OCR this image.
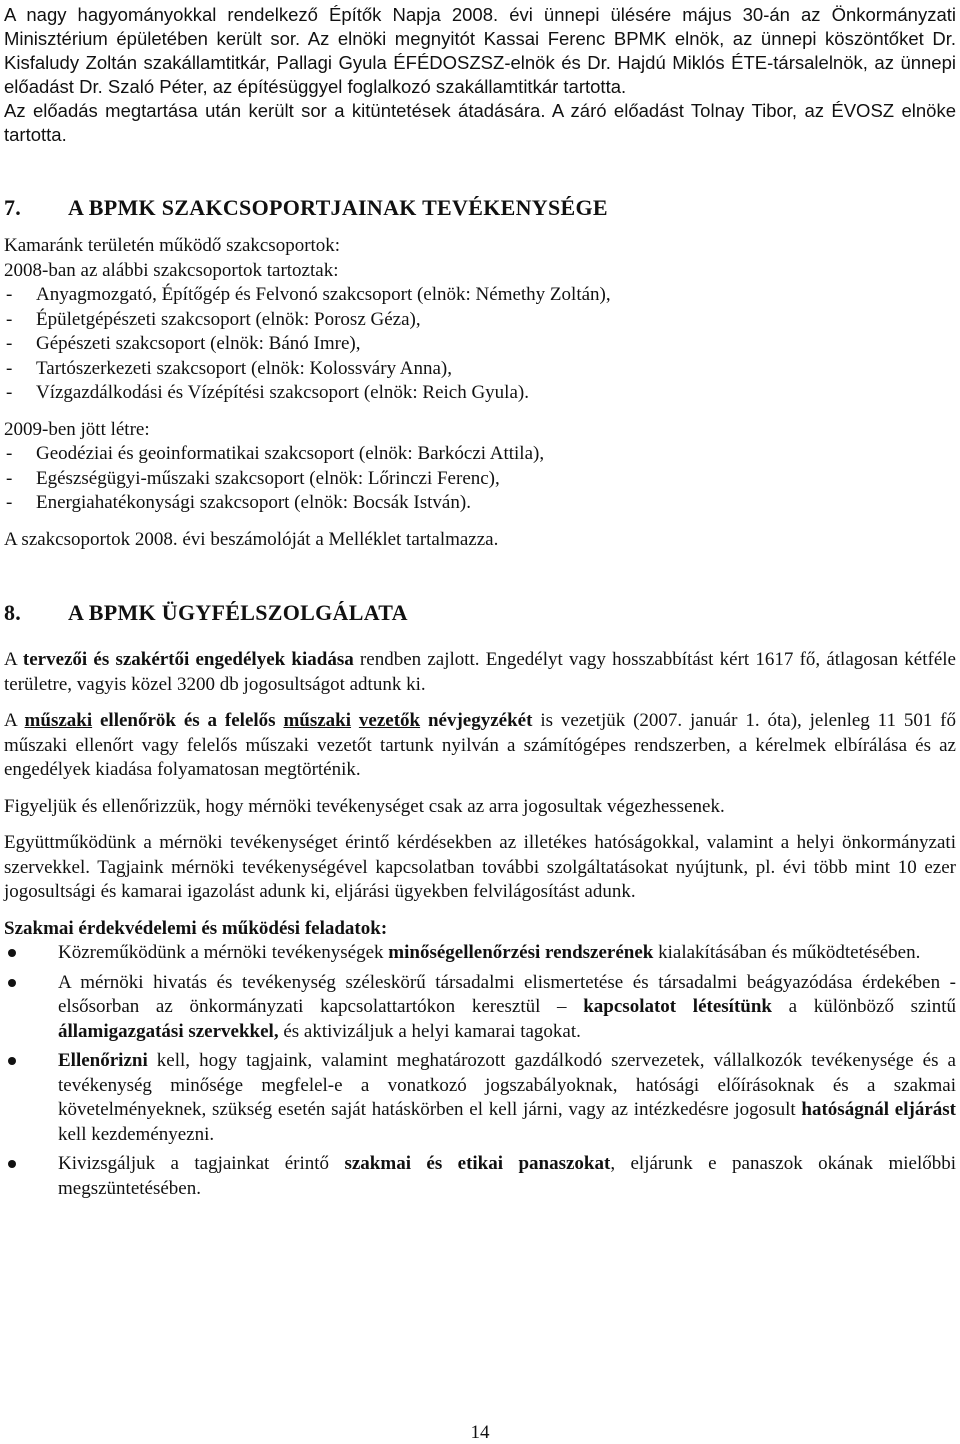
A nagy hagyományokkal rendelkező Építők Napja 2008. évi ünnepi ülésére május 30-án az Önkormányzati Minisztérium épületében került sor. Az elnöki megnyitót Kassai Ferenc BPMK elnök, az ünnepi köszöntőket Dr. Kisfaludy Zoltán szakállamtitkár, Pallagi Gyula ÉFÉDOSZSZ-elnök és Dr. Hajdú Miklós ÉTE-társalelnök, az ünnepi előadást Dr. Szaló Péter, az építésüggyel foglalkozó szakállamtitkár tartotta.

Az előadás megtartása után került sor a kitüntetések átadására. A záró előadást Tolnay Tibor, az ÉVOSZ elnöke tartotta.

7. A BPMK SZAKCSOPORTJAINAK TEVÉKENYSÉGE

Kamaránk területén működő szakcsoportok:

2008-ban az alábbi szakcsoportok tartoztak:

-	Anyagmozgató, Építőgép és Felvonó szakcsoport (elnök: Némethy Zoltán),
-	Épületgépészeti szakcsoport (elnök: Porosz Géza),
-	Gépészeti szakcsoport (elnök: Bánó Imre),
-	Tartószerkezeti szakcsoport (elnök: Kolossváry Anna),
-	Vízgazdálkodási és Vízépítési szakcsoport (elnök: Reich Gyula).

2009-ben jött létre:

-	Geodéziai és geoinformatikai szakcsoport (elnök: Barkóczi Attila),
-	Egészségügyi-műszaki szakcsoport (elnök: Lőrinczi Ferenc),
-	Energiahatékonysági szakcsoport (elnök: Bocsák István).

A szakcsoportok 2008. évi beszámolóját a Melléklet tartalmazza.

8. A BPMK ÜGYFÉLSZOLGÁLATA

A tervezői és szakértői engedélyek kiadása rendben zajlott. Engedélyt vagy hosszabbítást kért 1617 fő, átlagosan kétféle területre, vagyis közel 3200 db jogosultságot adtunk ki.

A műszaki ellenőrök és a felelős műszaki vezetők névjegyzékét is vezetjük (2007. január 1. óta), jelenleg 11 501 fő műszaki ellenőrt vagy felelős műszaki vezetőt tartunk nyilván a számítógépes rendszerben, a kérelmek elbírálása és az engedélyek kiadása folyamatosan megtörténik.

Figyeljük és ellenőrizzük, hogy mérnöki tevékenységet csak az arra jogosultak végezhessenek.

Együttműködünk a mérnöki tevékenységet érintő kérdésekben az illetékes hatóságokkal, valamint a helyi önkormányzati szervekkel. Tagjaink mérnöki tevékenységével kapcsolatban további szolgáltatásokat nyújtunk, pl. évi több mint 10 ezer jogosultsági és kamarai igazolást adunk ki, eljárási ügyekben felvilágosítást adunk.

Szakmai érdekvédelemi és működési feladatok:

Közreműködünk a mérnöki tevékenységek minőségellenőrzési rendszerének kialakításában és működtetésében.
A mérnöki hivatás és tevékenység széleskörű társadalmi elismertetése és társadalmi beágyazódása érdekében - elsősorban az önkormányzati kapcsolattartókon keresztül – kapcsolatot létesítünk a különböző szintű államigazgatási szervekkel, és aktivizáljuk a helyi kamarai tagokat.
Ellenőrizni kell, hogy tagjaink, valamint meghatározott gazdálkodó szervezetek, vállalkozók tevékenysége és a tevékenység minősége megfelel-e a vonatkozó jogszabályoknak, hatósági előírásoknak és a szakmai követelményeknek, szükség esetén saját hatáskörben el kell járni, vagy az intézkedésre jogosult hatóságnál eljárást kell kezdeményezni.
Kivizsgáljuk a tagjainkat érintő szakmai és etikai panaszokat, eljárunk e panaszok okának mielőbbi megszüntetésében.
14
